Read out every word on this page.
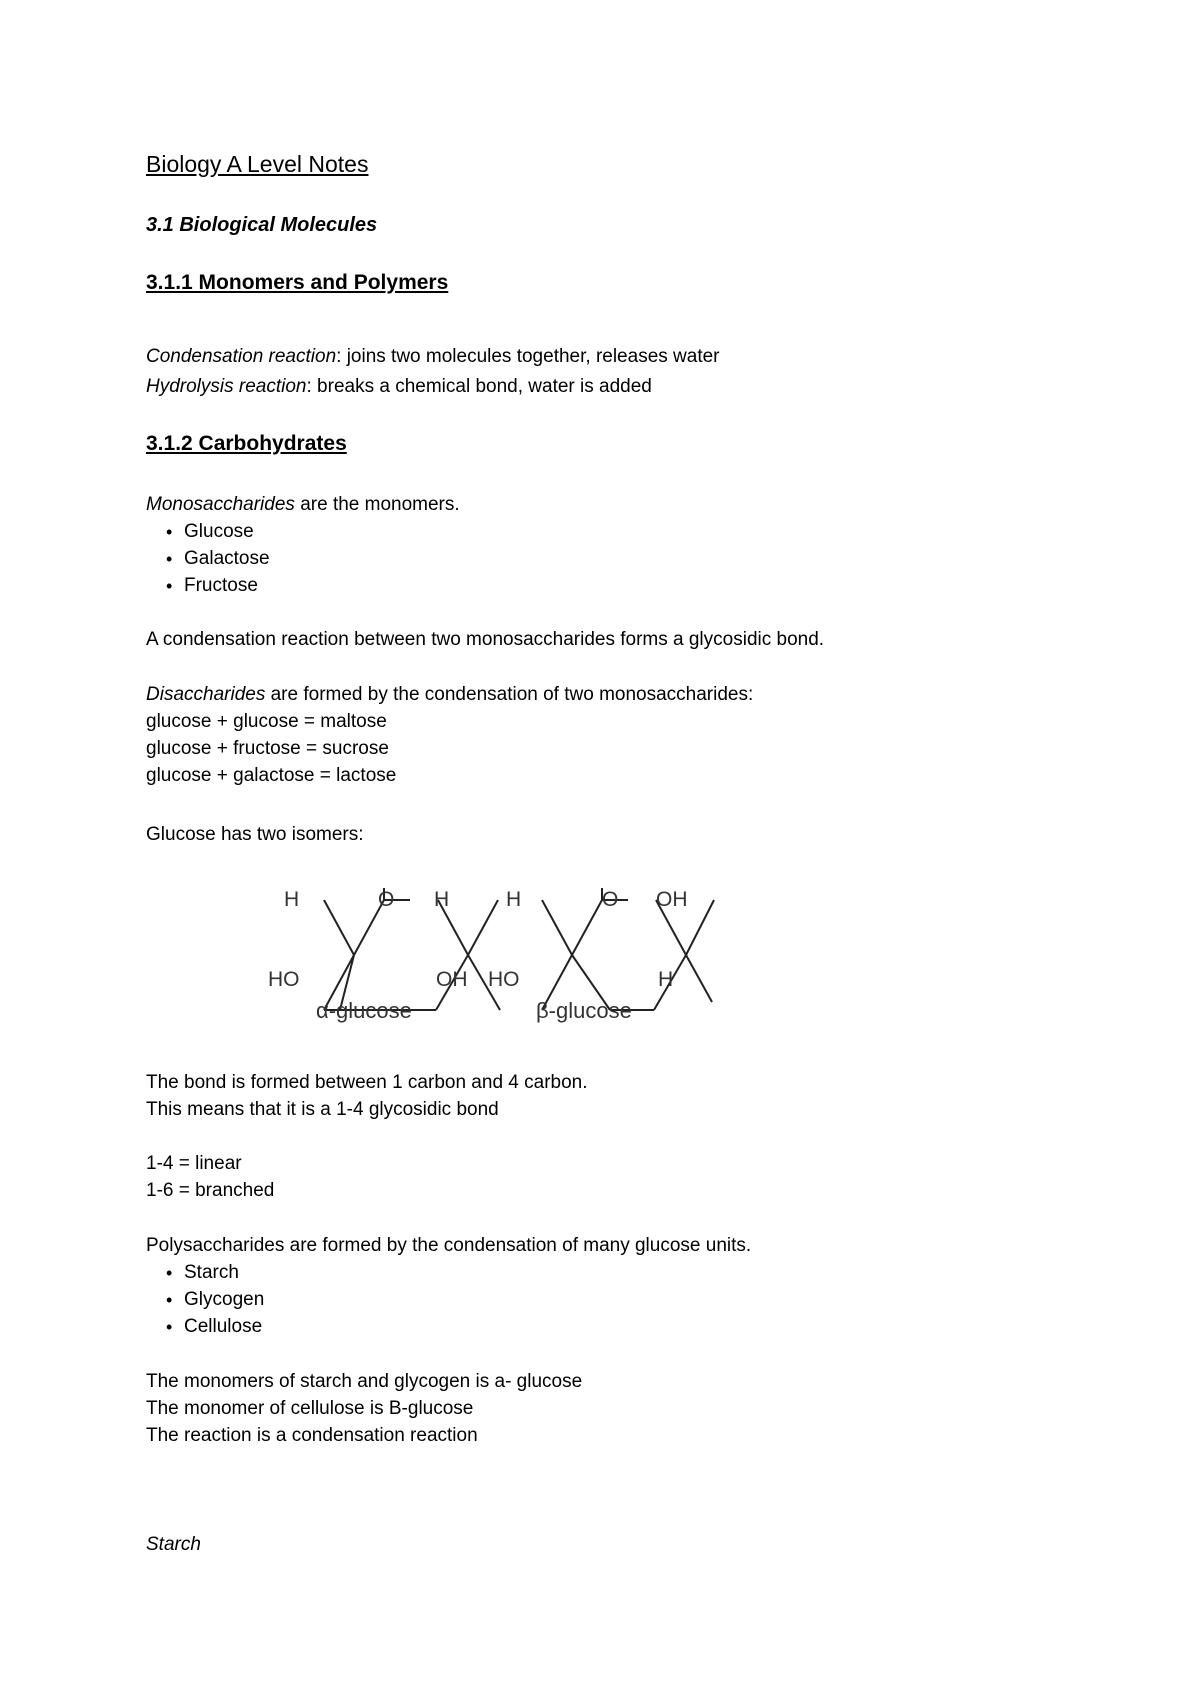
Biology A Level Notes
3.1 Biological Molecules
3.1.1 Monomers and Polymers
Condensation reaction: joins two molecules together, releases water
Hydrolysis reaction: breaks a chemical bond, water is added
3.1.2 Carbohydrates
Monosaccharides are the monomers.
• Glucose
• Galactose
• Fructose
A condensation reaction between two monosaccharides forms a glycosidic bond.
Disaccharides are formed by the condensation of two monosaccharides:
glucose + glucose = maltose
glucose + fructose = sucrose
glucose + galactose = lactose
Glucose has two isomers:
H	O H
HO	OH
α-glucose
H	O OH
HO	H
β-glucose
The bond is formed between 1 carbon and 4 carbon.
This means that it is a 1-4 glycosidic bond
1-4 = linear
1-6 = branched
Polysaccharides are formed by the condensation of many glucose units.
• Starch
• Glycogen
• Cellulose
The monomers of starch and glycogen is a- glucose
The monomer of cellulose is B-glucose
The reaction is a condensation reaction
Starch
